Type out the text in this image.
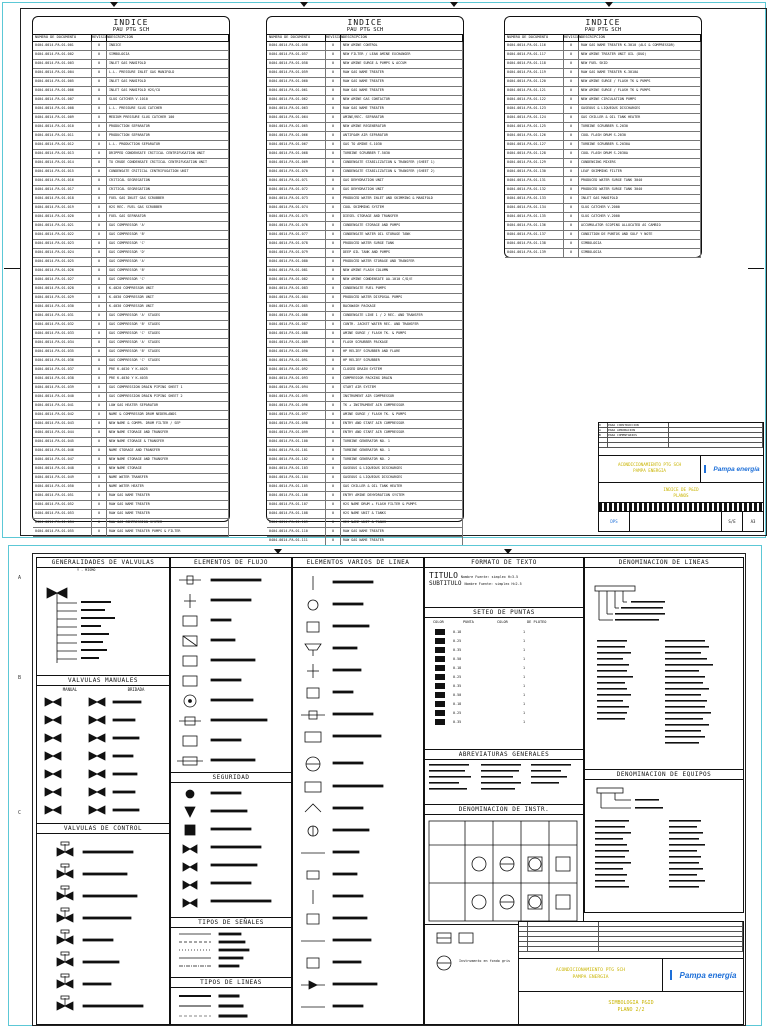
INDICE
PAU PTG SCH
NUMERO DE DOCUMENTO	REVISION DESCRIPCION
0404-0014-PA-01-001	0	INDICE
0404-0014-PA-01-002	0	SIMBOLOGIA
0404-0014-PA-01-003	0	INLET GAS MANIFOLD
0404-0014-PA-01-004	0	L.L. PRESSURE INLET GAS MANIFOLD
0404-0014-PA-01-005	0	INLET GAS MANIFOLD
0404-0014-PA-01-006	0	INLET GAS MANIFOLD H2S/CO
0404-0014-PA-01-007	0	SLUG CATCHER V-1010
0404-0014-PA-01-008	0	L.L. PRESSURE SLUG CATCHER
0404-0014-PA-01-009	0	MEDIUM PRESSURE SLUG CATCHER 100
0404-0014-PA-01-010	0	PRODUCTION SEPARATOR
0404-0014-PA-01-011	0	PRODUCTION SEPARATOR
0404-0014-PA-01-012	0	L.L. PRODUCTION SEPARATOR
0404-0014-PA-01-013	0	DRIPPED CONDENSATE CRITICAL CENTRIFUGATION UNIT
0404-0014-PA-01-014	0	TO CRUDE CONDENSATE CRITICAL CENTRIFUGATION UNIT
0404-0014-PA-01-015	0	CONDENSATE CRITICAL CENTRIFUGATION UNIT
0404-0014-PA-01-016	0	CRITICAL SEGREGATION
0404-0014-PA-01-017	0	CRITICAL SEGREGATION
0404-0014-PA-01-018	0	FUEL GAS INLET GAS SCRUBBER
0404-0014-PA-01-019	0	H2S REC. FUEL GAS SCRUBBER
0404-0014-PA-01-020	0	FUEL GAS SEPARATOR
0404-0014-PA-01-021	0	GAS COMPRESSOR 'A'
0404-0014-PA-01-022	0	GAS COMPRESSOR 'B'
0404-0014-PA-01-023	0	GAS COMPRESSOR 'C'
0404-0014-PA-01-024	0	GAS COMPRESSOR 'D'
0404-0014-PA-01-025	0	GAS COMPRESSOR 'A'
0404-0014-PA-01-026	0	GAS COMPRESSOR 'B'
0404-0014-PA-01-027	0	GAS COMPRESSOR 'C'
0404-0014-PA-01-028	0	K-4020 COMPRESSOR UNIT
0404-0014-PA-01-029	0	K-4030 COMPRESSOR UNIT
0404-0014-PA-01-030	0	K-4030 COMPRESSOR UNIT
0404-0014-PA-01-031	0	GAS COMPRESSOR 'A' STAGES
0404-0014-PA-01-032	0	GAS COMPRESSOR 'B' STAGES
0404-0014-PA-01-033	0	GAS COMPRESSOR 'C' STAGES
0404-0014-PA-01-034	0	GAS COMPRESSOR 'A' STAGES
0404-0014-PA-01-035	0	GAS COMPRESSOR 'B' STAGES
0404-0014-PA-01-036	0	GAS COMPRESSOR 'C' STAGES
0404-0014-PA-01-037	0	PRE K-4020 Y K-4025
0404-0014-PA-01-038	0	PRE K-4030 Y K-4035
0404-0014-PA-01-039	0	GAS COMPRESSION DRAIN PIPING SHEET 1
0404-0014-PA-01-040	0	GAS COMPRESSION DRAIN PIPING SHEET 2
0404-0014-PA-01-041	0	LOW GAS HEATER SEPARATOR
0404-0014-PA-01-042	0	NAME & COMPRESSOR DRUM NEDERLANDS
0404-0014-PA-01-043	0	NEW NAME & COMPR. DRUM FILTER / SEP
0404-0014-PA-01-044	0	NEW NAME STORAGE AND TRANSFER
0404-0014-PA-01-045	0	NEW NAME STORAGE & TRANSFER
0404-0014-PA-01-046	0	NAME STORAGE AND TRANSFER
0404-0014-PA-01-047	0	NEW NAME STORAGE AND TRANSFER
0404-0014-PA-01-048	0	NEW NAME STORAGE
0404-0014-PA-01-049	0	NAME WATER TRANSFER
0404-0014-PA-01-050	0	NAME WATER HEATER
0404-0014-PA-01-051	0	RAW GAS NAME TREATER
0404-0014-PA-01-052	0	RAW GAS NAME TREATER
0404-0014-PA-01-053	0	RAW GAS NAME TREATER
0404-0014-PA-01-054	0	RAW GAS COMPRESSION SYSTEM
0404-0014-PA-01-055	0	RAW GAS NAME TREATER PUMPS & FILTER
INDICE
PAU PTG SCH
NUMERO DE DOCUMENTO	REVISION DESCRIPCION
0404-0014-PA-01-056	0	NEW AMINE CONTROL
0404-0014-PA-01-057	0	NEW FILTER / LEAN AMINE EXCHANGER
0404-0014-PA-01-058	0	NEW AMINE SURGE & PUMPS & ACCUM
0404-0014-PA-01-059	0	RAW GAS NAME TREATER
0404-0014-PA-01-060	0	RAW GAS NAME TREATER
0404-0014-PA-01-061	0	RAW GAS NAME TREATER
0404-0014-PA-01-062	0	NEW AMINE GAS CONTACTOR
0404-0014-PA-01-063	0	RAW GAS NAME TREATER
0404-0014-PA-01-064	0	AMINE/REC. SEPARATOR
0404-0014-PA-01-065	0	NEW AMINE REGENERATOR
0404-0014-PA-01-066	0	ANTIFOAM AIR SEPARATOR
0404-0014-PA-01-067	0	GAS TO AMINE S-1030
0404-0014-PA-01-068	0	TURBINE SCRUBBER T-5030
0404-0014-PA-01-069	0	CONDENSATE STABILIZATION & TRANSFER (SHEET 1)
0404-0014-PA-01-070	0	CONDENSATE STABILIZATION & TRANSFER (SHEET 2)
0404-0014-PA-01-071	0	GAS DEHYDRATION UNIT
0404-0014-PA-01-072	0	GAS DEHYDRATION UNIT
0404-0014-PA-01-073	0	PRODUCED WATER INLET AND SKIMMING & MANIFOLD
0404-0014-PA-01-074	0	COOL SKIMMING SYSTEM
0404-0014-PA-01-075	0	DIESEL STORAGE AND TRANSFER
0404-0014-PA-01-076	0	CONDENSATE STORAGE AND PUMPS
0404-0014-PA-01-077	0	CONDENSATE WATER OIL STORAGE TANK
0404-0014-PA-01-078	0	PRODUCED WATER SURGE TANK
0404-0014-PA-01-079	0	DEEP OIL TANK AND PUMPS
0404-0014-PA-01-080	0	PRODUCED WATER STORAGE AND TRANSFER
0404-0014-PA-01-081	0	NEW AMINE FLASH COLUMN
0404-0014-PA-01-082	0	NEW AMINE CONDENSATE AA-1010 C/D/E
0404-0014-PA-01-083	0	CONDENSATE FUEL PUMPS
0404-0014-PA-01-084	0	PRODUCED WATER DISPOSAL PUMPS
0404-0014-PA-01-085	0	BACKWASH PACKAGE
0404-0014-PA-01-086	0	CONDENSATE LINE 1 / 2 REC. AND TRANSFER
0404-0014-PA-01-087	0	CONTR. JACKET WATER REC. AND TRANSFER
0404-0014-PA-01-088	0	AMINE SURGE / FLASH TK. & PUMPS
0404-0014-PA-01-089	0	FLASH SCRUBBER PACKAGE
0404-0014-PA-01-090	0	HP RELIEF SCRUBBER AND FLARE
0404-0014-PA-01-091	0	HP RELIEF SCRUBBER
0404-0014-PA-01-092	0	CLOSED DRAIN SYSTEM
0404-0014-PA-01-093	0	COMPRESSOR PACKING DRAIN
0404-0014-PA-01-094	0	START AIR SYSTEM
0404-0014-PA-01-095	0	INSTRUMENT AIR COMPRESSOR
0404-0014-PA-01-096	0	TK + INSTRUMENT AIR COMPRESSOR
0404-0014-PA-01-097	0	AMINE SURGE / FLASH TK. & PUMPS
0404-0014-PA-01-098	0	ENTRY AND START AIR COMPRESSOR
0404-0014-PA-01-099	0	ENTRY AND START AIR COMPRESSOR
0404-0014-PA-01-100	0	TURBINE GENERATOR NO. 1
0404-0014-PA-01-101	0	TURBINE GENERATOR NO. 1
0404-0014-PA-01-102	0	TURBINE GENERATOR NO. 2
0404-0014-PA-01-103	0	GASEOUS & LIQUEOUS DISCHARGES
0404-0014-PA-01-104	0	GASEOUS & LIQUEOUS DISCHARGES
0404-0014-PA-01-105	0	GAS CHILLER & OIL TANK HEATER
0404-0014-PA-01-106	0	ENTRY AMINE DEHYDRATION SYSTEM
0404-0014-PA-01-107	0	H2S NAME DRUM + FLASH FILTER & PUMPS
0404-0014-PA-01-108	0	H2S NAME UNIT & TANKS
0404-0014-PA-01-109	0	H2S NAME UNIT & TANKS
0404-0014-PA-01-110	0	RAW GAS NAME TREATER
0404-0014-PA-01-111	0	RAW GAS NAME TREATER
INDICE
PAU PTG SCH
NUMERO DE DOCUMENTO	REVISION DESCRIPCION
0404-0014-PA-01-116	0	RAW GAS NAME TREATER K-3010 (ALS & COMPRESSOR)
0404-0014-PA-01-117	0	NEW AMINE TREATER UNIT OIL (DUO)
0404-0014-PA-01-118	0	NEW FUEL SKID
0404-0014-PA-01-119	0	RAW GAS NAME TREATER K-3010A
0404-0014-PA-01-120	0	NEW AMINE SURGE / FLASH TK & PUMPS
0404-0014-PA-01-121	0	NEW AMINE SURGE / FLASH TK & PUMPS
0404-0014-PA-01-122	0	NEW AMINE CIRCULATION PUMPS
0404-0014-PA-01-123	0	GASEOUS & LIQUEOUS DISCHARGES
0404-0014-PA-01-124	0	GAS CHILLER & OIL TANK HEATER
0404-0014-PA-01-125	0	TURBINE SCRUBBER S-2030
0404-0014-PA-01-126	0	COOL FLASH DRUM S-2030
0404-0014-PA-01-127	0	TURBINE SCRUBBER S-2030A
0404-0014-PA-01-128	0	COOL FLASH DRUM S-2030A
0404-0014-PA-01-129	0	CONDENSING MIXERS
0404-0014-PA-01-130	0	LEAF SKIMMING FILTER
0404-0014-PA-01-131	0	PRODUCED WATER SURGE TANK 3040
0404-0014-PA-01-132	0	PRODUCED WATER SURGE TANK 3040
0404-0014-PA-01-133	0	INLET GAS MANIFOLD
0404-0014-PA-01-134	0	SLUG CATCHER V-2000
0404-0014-PA-01-135	0	SLUG CATCHER V-2000
0404-0014-PA-01-136	0	ACCUMULATOR SCOPING ALLOCATED AS CAMBIO
0404-0014-PA-01-137	0	CONDITION DE PUNTOS AND SOLF Y NOTE
0404-0014-PA-01-138	0	SIMBOLOGIA
0404-0014-PA-01-139	0	SIMBOLOGIA
0	PARA CONSTRUCCION
A	PARA APROBACION
B	PARA COMENTARIOS
ACONDICIONAMIENTO PTG SCH
PAMPA ENERGIA	Pampa energía
INDICE DE P&ID
PLANOS
DPS	S/E	A3
A
B
C
GENERALIDADES DE VALVULAS
Y - MISMO
VALVULAS MANUALES
MANUAL	BRIDADA
VALVULAS DE CONTROL
ELEMENTOS DE FLUJO
SEGURIDAD
TIPOS DE SEÑALES
TIPOS DE LINEAS
ELEMENTOS VARIOS DE LINEA	FORMATO DE TEXTO
TITULO Nombre Fuente: simplex H=3.5
SUBTITULO Nombre Fuente: simplex H=2.5
SETEO DE PUNTAS
COLOR	PUNTA	COLOR	DE PLOTEO
0.18	1
0.25	1
0.35	1
0.50	1
0.18	1
0.25	1
0.35	1
0.50	1
0.18	1
0.25	1
0.35	1
ABREVIATURAS GENERALES
DENOMINACION DE INSTR.
Instrumento en fondo gris
DENOMINACION DE LINEAS
DENOMINACION DE EQUIPOS
ACONDICIONAMIENTO PTG SCH
PAMPA ENERGIA	Pampa energía
SIMBOLOGIA P&ID
PLANO 2/2
